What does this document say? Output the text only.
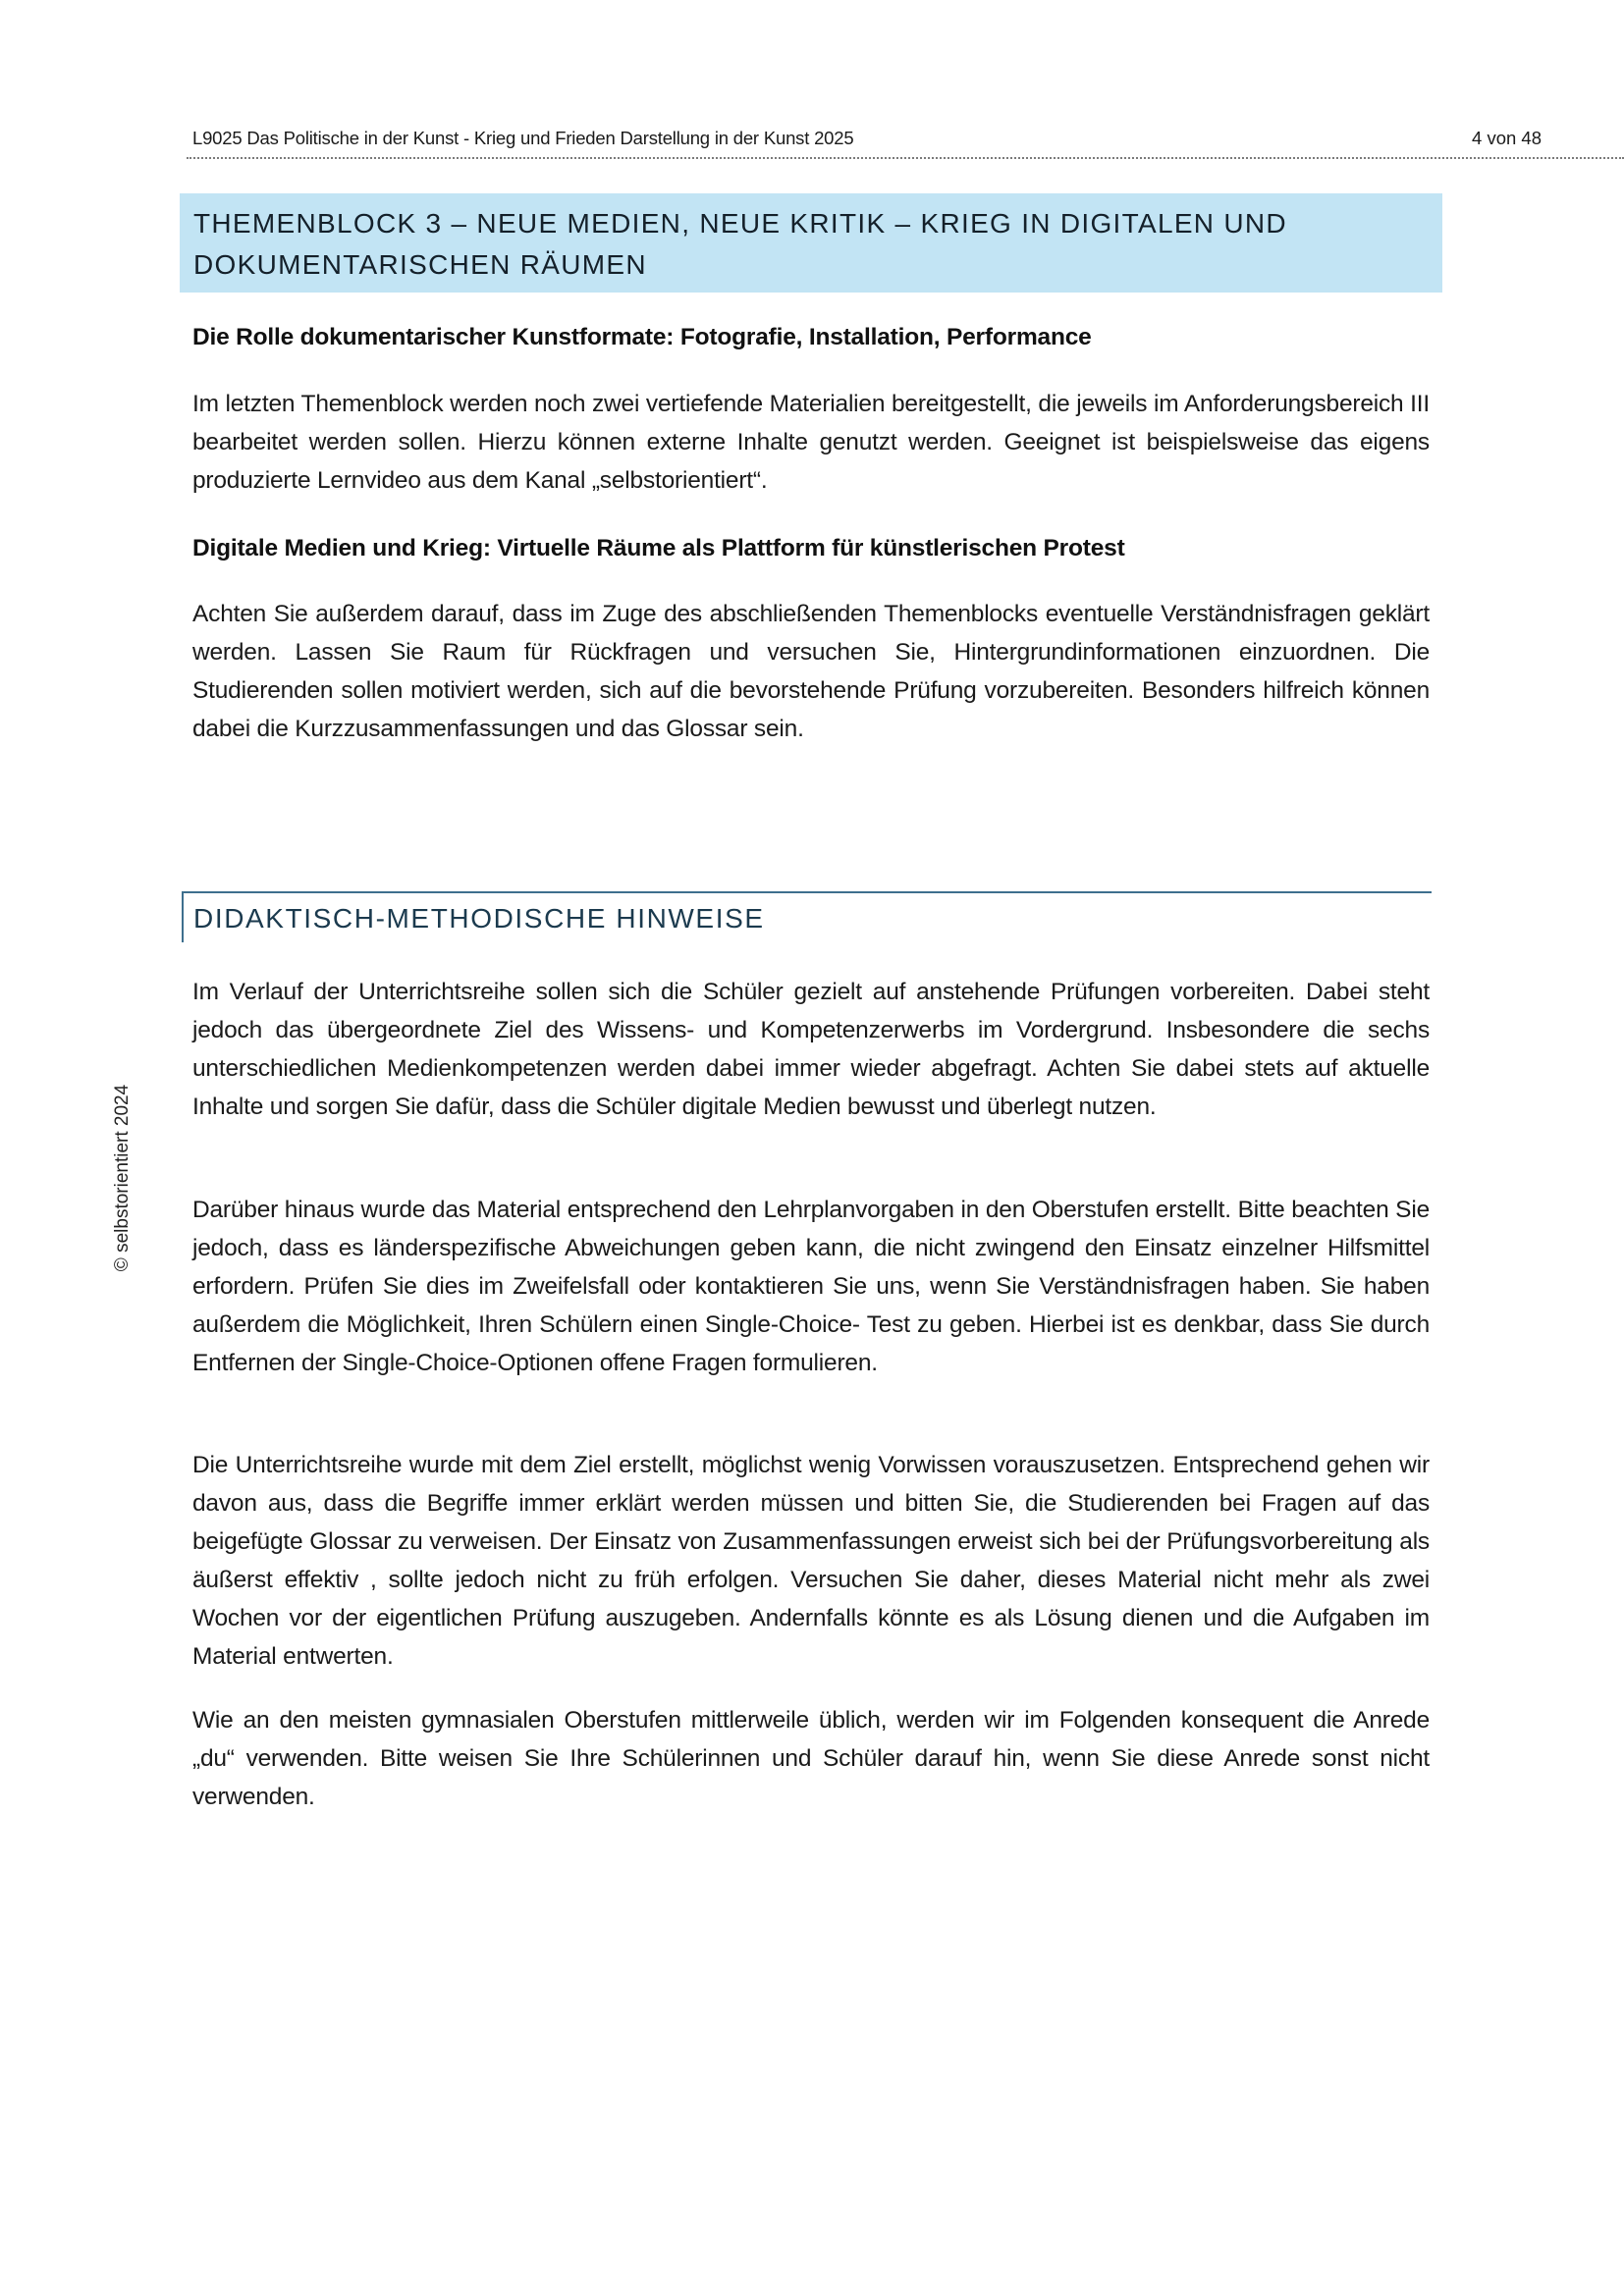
L9025 Das Politische in der Kunst - Krieg und Frieden Darstellung in der Kunst 2025	4 von 48
THEMENBLOCK 3 – NEUE MEDIEN, NEUE KRITIK – KRIEG IN DIGITALEN UND
DOKUMENTARISCHEN RÄUMEN
Die Rolle dokumentarischer Kunstformate: Fotografie, Installation, Performance
Im letzten Themenblock werden noch zwei vertiefende Materialien bereitgestellt, die jeweils im Anforderungsbereich III bearbeitet werden sollen. Hierzu können externe Inhalte genutzt werden. Geeignet ist beispielsweise das eigens produzierte Lernvideo aus dem Kanal „selbstorientiert“.
Digitale Medien und Krieg: Virtuelle Räume als Plattform für künstlerischen Protest
Achten Sie außerdem darauf, dass im Zuge des abschließenden Themenblocks eventuelle Verständnisfragen geklärt werden. Lassen Sie Raum für Rückfragen und versuchen Sie, Hintergrundinformationen einzuordnen. Die Studierenden sollen motiviert werden, sich auf die bevorstehende Prüfung vorzubereiten. Besonders hilfreich können dabei die Kurzzusammenfassungen und das Glossar sein.
DIDAKTISCH-METHODISCHE HINWEISE
Im Verlauf der Unterrichtsreihe sollen sich die Schüler gezielt auf anstehende Prüfungen vorbereiten. Dabei steht jedoch das übergeordnete Ziel des Wissens- und Kompetenzerwerbs im Vordergrund. Insbesondere die sechs unterschiedlichen Medienkompetenzen werden dabei immer wieder abgefragt. Achten Sie dabei stets auf aktuelle Inhalte und sorgen Sie dafür, dass die Schüler digitale Medien bewusst und überlegt nutzen.
Darüber hinaus wurde das Material entsprechend den Lehrplanvorgaben in den Oberstufen erstellt. Bitte beachten Sie jedoch, dass es länderspezifische Abweichungen geben kann, die nicht zwingend den Einsatz einzelner Hilfsmittel erfordern. Prüfen Sie dies im Zweifelsfall oder kontaktieren Sie uns, wenn Sie Verständnisfragen haben. Sie haben außerdem die Möglichkeit, Ihren Schülern einen Single-Choice- Test zu geben. Hierbei ist es denkbar, dass Sie durch Entfernen der Single-Choice-Optionen offene Fragen formulieren.
Die Unterrichtsreihe wurde mit dem Ziel erstellt, möglichst wenig Vorwissen vorauszusetzen. Entsprechend gehen wir davon aus, dass die Begriffe immer erklärt werden müssen und bitten Sie, die Studierenden bei Fragen auf das beigefügte Glossar zu verweisen. Der Einsatz von Zusammenfassungen erweist sich bei der Prüfungsvorbereitung als äußerst effektiv , sollte jedoch nicht zu früh erfolgen. Versuchen Sie daher, dieses Material nicht mehr als zwei Wochen vor der eigentlichen Prüfung auszugeben. Andernfalls könnte es als Lösung dienen und die Aufgaben im Material entwerten.
Wie an den meisten gymnasialen Oberstufen mittlerweile üblich, werden wir im Folgenden konsequent die Anrede „du“ verwenden. Bitte weisen Sie Ihre Schülerinnen und Schüler darauf hin, wenn Sie diese Anrede sonst nicht verwenden.
© selbstorientiert 2024
